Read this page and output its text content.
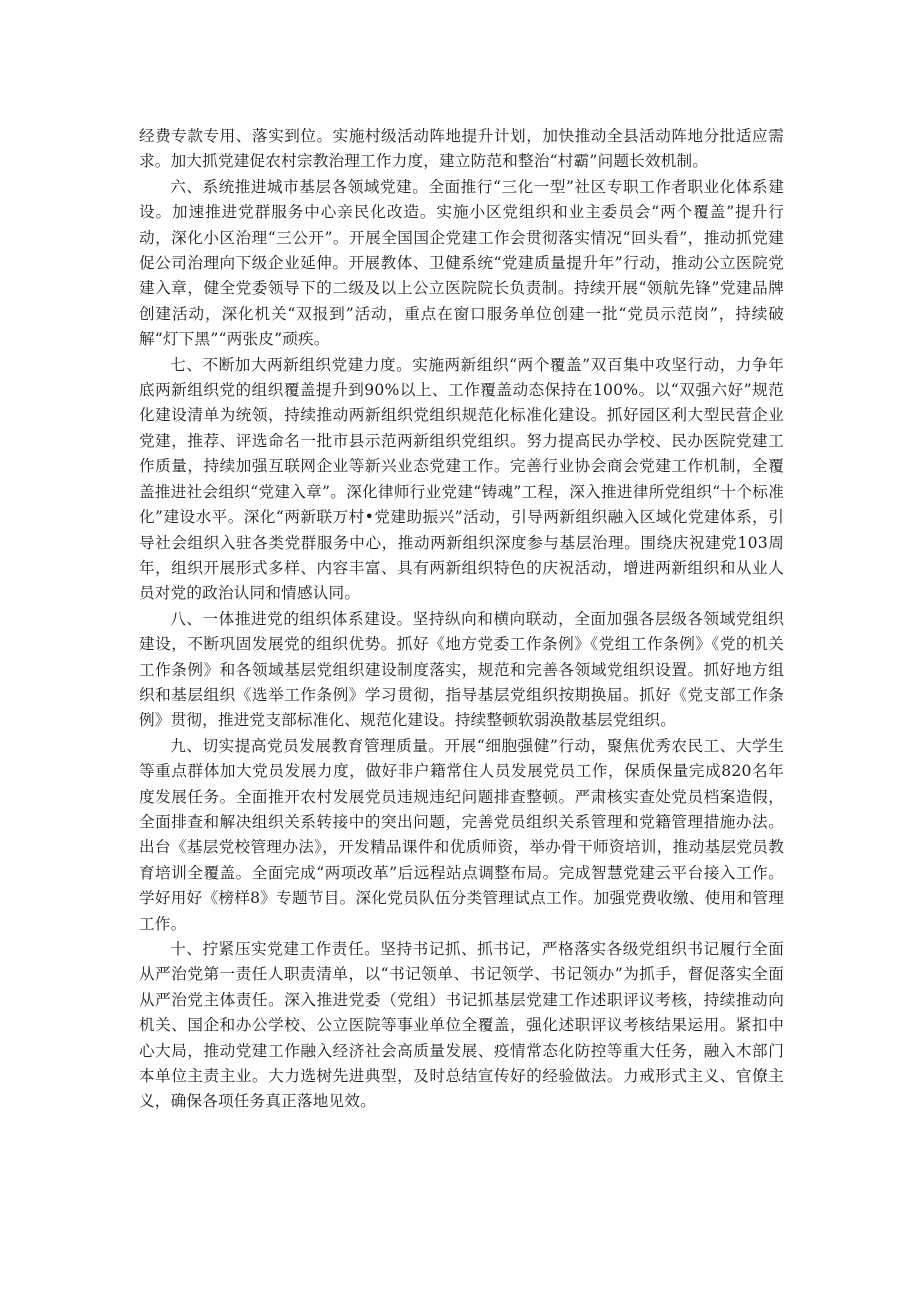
经费专款专用、落实到位。实施村级活动阵地提升计划，加快推动全县活动阵地分批适应需求。加大抓党建促农村宗教治理工作力度，建立防范和整治“村霸”问题长效机制。

六、系统推进城市基层各领域党建。全面推行“三化一型”社区专职工作者职业化体系建设。加速推进党群服务中心亲民化改造。实施小区党组织和业主委员会“两个覆盖”提升行动，深化小区治理“三公开”。开展全国国企党建工作会贯彻落实情况“回头看”，推动抓党建促公司治理向下级企业延伸。开展教体、卫健系统“党建质量提升年”行动，推动公立医院党建入章，健全党委领导下的二级及以上公立医院院长负责制。持续开展“领航先锋”党建品牌创建活动，深化机关“双报到”活动，重点在窗口服务单位创建一批“党员示范岗”，持续破解“灯下黑”“两张皮”顽疾。

七、不断加大两新组织党建力度。实施两新组织“两个覆盖”双百集中攻坚行动，力争年底两新组织党的组织覆盖提升到90%以上、工作覆盖动态保持在100%。以“双强六好”规范化建设清单为统领，持续推动两新组织党组织规范化标准化建设。抓好园区利大型民营企业党建，推荐、评选命名一批市县示范两新组织党组织。努力提高民办学校、民办医院党建工作质量，持续加强互联网企业等新兴业态党建工作。完善行业协会商会党建工作机制，全覆盖推进社会组织“党建入章”。深化律师行业党建“铸魂”工程，深入推进律所党组织“十个标准化”建设水平。深化“两新联万村•党建助振兴”活动，引导两新组织融入区域化党建体系，引导社会组织入驻各类党群服务中心，推动两新组织深度参与基层治理。围绕庆祝建党103周年，组织开展形式多样、内容丰富、具有两新组织特色的庆祝活动，增进两新组织和从业人员对党的政治认同和情感认同。

八、一体推进党的组织体系建设。坚持纵向和横向联动，全面加强各层级各领域党组织建设，不断巩固发展党的组织优势。抓好《地方党委工作条例》《党组工作条例》《党的机关工作条例》和各领域基层党组织建设制度落实，规范和完善各领域党组织设置。抓好地方组织和基层组织《选举工作条例》学习贯彻，指导基层党组织按期换届。抓好《党支部工作条例》贯彻，推进党支部标准化、规范化建设。持续整顿软弱涣散基层党组织。

九、切实提高党员发展教育管理质量。开展“细胞强健”行动，聚焦优秀农民工、大学生等重点群体加大党员发展力度，做好非户籍常住人员发展党员工作，保质保量完成820名年度发展任务。全面推开农村发展党员违规违纪问题排查整顿。严肃核实查处党员档案造假，全面排查和解决组织关系转接中的突出问题，完善党员组织关系管理和党籍管理措施办法。出台《基层党校管理办法》，开发精品课件和优质师资，举办骨干师资培训，推动基层党员教育培训全覆盖。全面完成“两项改革”后远程站点调整布局。完成智慧党建云平台接入工作。学好用好《榜样8》专题节目。深化党员队伍分类管理试点工作。加强党费收缴、使用和管理工作。

十、拧紧压实党建工作责任。坚持书记抓、抓书记，严格落实各级党组织书记履行全面从严治党第一责任人职责清单，以“书记领单、书记领学、书记领办”为抓手，督促落实全面从严治党主体责任。深入推进党委（党组）书记抓基层党建工作述职评议考核，持续推动向机关、国企和办公学校、公立医院等事业单位全覆盖，强化述职评议考核结果运用。紧扣中心大局，推动党建工作融入经济社会高质量发展、疫情常态化防控等重大任务，融入木部门本单位主责主业。大力选树先进典型，及时总结宣传好的经验做法。力戒形式主义、官僚主义，确保各项任务真正落地见效。
